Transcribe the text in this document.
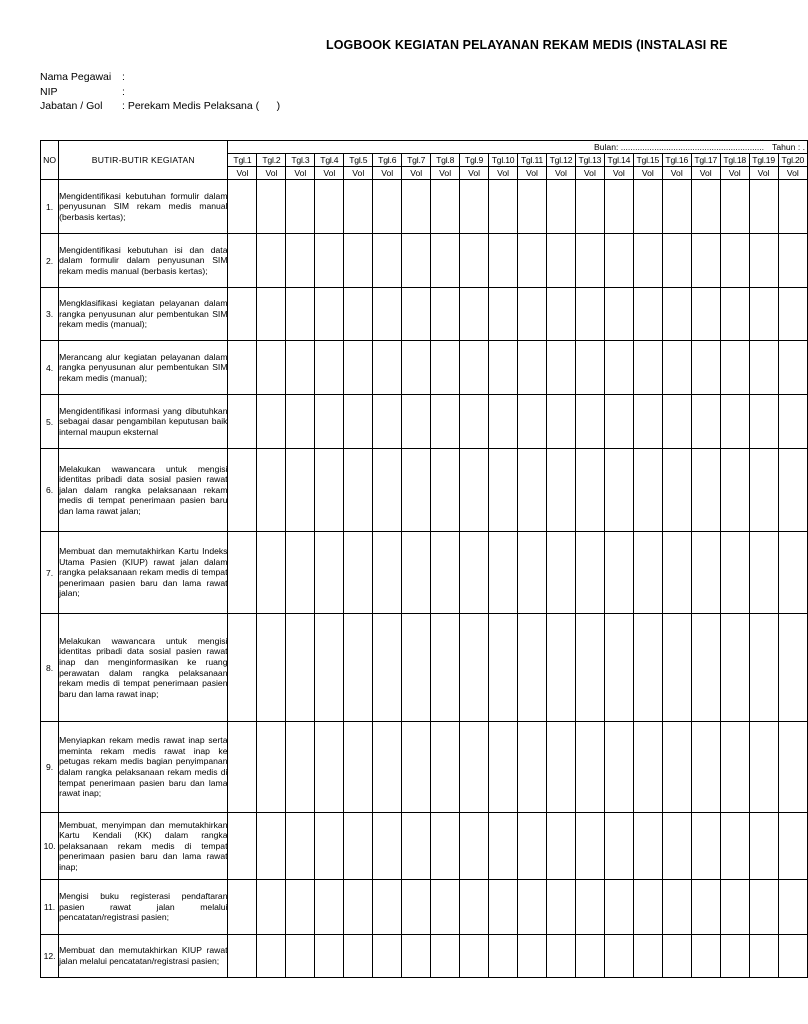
LOGBOOK KEGIATAN PELAYANAN REKAM MEDIS (INSTALASI RE
Nama Pegawai	:
NIP	:
Jabatan / Gol	: Perekam Medis Pelaksana (      )
NO	BUTIR-BUTIR KEGIATAN	Bulan: ............................................................ Tahun : .																			
		Tgl.1	Tgl.2	Tgl.3	Tgl.4	Tgl.5	Tgl.6	Tgl.7	Tgl.8	Tgl.9	Tgl.10	Tgl.11	Tgl.12	Tgl.13	Tgl.14	Tgl.15	Tgl.16	Tgl.17	Tgl.18	Tgl.19	Tgl.20
		Vol	Vol	Vol	Vol	Vol	Vol	Vol	Vol	Vol	Vol	Vol	Vol	Vol	Vol	Vol	Vol	Vol	Vol	Vol	Vol
1.	Mengidentifikasi kebutuhan formulir dalam penyusunan SIM rekam medis manual (berbasis kertas);																				
2.	Mengidentifikasi kebutuhan isi dan data dalam formulir dalam penyusunan SIM rekam medis manual (berbasis kertas);																				
3.	Mengklasifikasi kegiatan pelayanan dalam rangka penyusunan alur pembentukan SIM rekam medis (manual);																				
4.	Merancang alur kegiatan pelayanan dalam rangka penyusunan alur pembentukan SIM rekam medis (manual);																				
5.	Mengidentifikasi informasi yang dibutuhkan sebagai dasar pengambilan keputusan baik internal maupun eksternal																				
6.	Melakukan wawancara untuk mengisi identitas pribadi data sosial pasien rawat jalan dalam rangka pelaksanaan rekam medis di tempat penerimaan pasien baru dan lama rawat jalan;																				
7.	Membuat dan memutakhirkan Kartu Indeks Utama Pasien (KIUP) rawat jalan dalam rangka pelaksanaan rekam medis di tempat penerimaan pasien baru dan lama rawat jalan;																				
8.	Melakukan wawancara untuk mengisi identitas pribadi data sosial pasien rawat inap dan menginformasikan ke ruang perawatan dalam rangka pelaksanaan rekam medis di tempat penerimaan pasien baru dan lama rawat inap;																				
9.	Menyiapkan rekam medis rawat inap serta meminta rekam medis rawat inap ke petugas rekam medis bagian penyimpanan dalam rangka pelaksanaan rekam medis di tempat penerimaan pasien baru dan lama rawat inap;																				
10.	Membuat, menyimpan dan memutakhirkan Kartu Kendali (KK) dalam rangka pelaksanaan rekam medis di tempat penerimaan pasien baru dan lama rawat inap;																				
11.	Mengisi buku registerasi pendaftaran pasien rawat jalan melalui pencatatan/registrasi pasien;																				
12.	Membuat dan memutakhirkan KIUP rawat jalan melalui pencatatan/registrasi pasien;																				
